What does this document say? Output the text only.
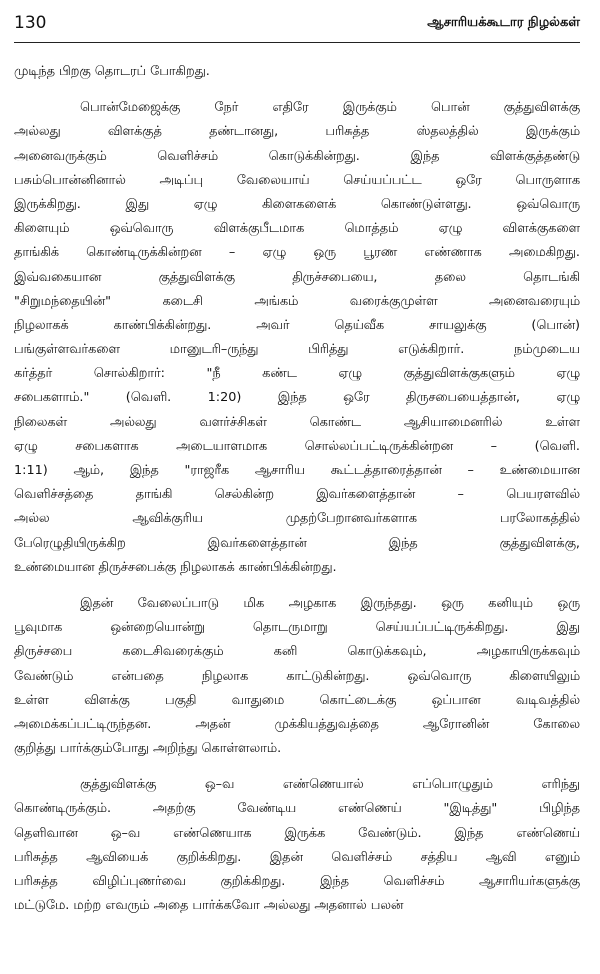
130	ஆசாரியக்கூடார நிழல்கள்
முடிந்த பிறகு தொடரப் போகிறது.
பொன்மேஜைக்கு நேர் எதிரே இருக்கும் பொன் குத்துவிளக்கு
அல்லது விளக்குத் தண்டானது, பரிசுத்த ஸ்தலத்தில் இருக்கும்
அனைவருக்கும் வெளிச்சம் கொடுக்கின்றது. இந்த விளக்குத்தண்டு
பசும்பொன்னினால் அடிப்பு வேலையாய் செய்யப்பட்ட ஒரே பொருளாக
இருக்கிறது. இது ஏழு கிளைகளைக் கொண்டுள்ளது. ஒவ்வொரு
கிளையும் ஒவ்வொரு விளக்குபீடமாக மொத்தம் ஏழு விளக்குகளை
தாங்கிக் கொண்டிருக்கின்றன – ஏழு ஒரு பூரண எண்ணாக அமைகிறது.
இவ்வகையான குத்துவிளக்கு திருச்சபையை, தலை தொடங்கி
"சிறுமந்தையின்" கடைசி அங்கம் வரைக்குமுள்ள அனைவரையும்
நிழலாகக் காண்பிக்கின்றது. அவர் தெய்வீக சாயலுக்கு (பொன்)
பங்குள்ளவர்களை மானுடரி–ருந்து பிரித்து எடுக்கிறார். நம்முடைய
கர்த்தர் சொல்கிறார்: "நீ கண்ட ஏழு குத்துவிளக்குகளும் ஏழு
சபைகளாம்." (வெளி. 1:20) இந்த ஒரே திருசபையைத்தான், ஏழு
நிலைகள் அல்லது வளர்ச்சிகள் கொண்ட ஆசியாமைனரில் உள்ள
ஏழு சபைகளாக அடையாளமாக சொல்லப்பட்டிருக்கின்றன – (வெளி.
1:11) ஆம், இந்த "ராஜரீக ஆசாரிய கூட்டத்தாரைத்தான் – உண்மையான
வெளிச்சத்தை தாங்கி செல்கின்ற இவர்களைத்தான் – பெயரளவில்
அல்ல ஆவிக்குரிய முதற்பேறானவர்களாக பரலோகத்தில்
பேரெழுதியிருக்கிற இவர்களைத்தான் இந்த குத்துவிளக்கு,
உண்மையான திருச்சபைக்கு நிழலாகக் காண்பிக்கின்றது.
இதன் வேலைப்பாடு மிக அழகாக இருந்தது. ஒரு கனியும் ஒரு
பூவுமாக ஒன்றையொன்று தொடருமாறு செய்யப்பட்டிருக்கிறது. இது
திருச்சபை கடைசிவரைக்கும் கனி கொடுக்கவும், அழகாயிருக்கவும்
வேண்டும் என்பதை நிழலாக காட்டுகின்றது. ஒவ்வொரு கிளையிலும்
உள்ள விளக்கு பகுதி வாதுமை கொட்டைக்கு ஒப்பான வடிவத்தில்
அமைக்கப்பட்டிருந்தன. அதன் முக்கியத்துவத்தை ஆரோனின் கோலை
குறித்து பார்க்கும்போது அறிந்து கொள்ளலாம்.
குத்துவிளக்கு ஒ–வ எண்ணெயால் எப்பொழுதும் எரிந்து
கொண்டிருக்கும். அதற்கு வேண்டிய எண்ணெய் "இடித்து" பிழிந்த
தெளிவான ஒ–வ எண்ணெயாக இருக்க வேண்டும். இந்த எண்ணெய்
பரிசுத்த ஆவியைக் குறிக்கிறது. இதன் வெளிச்சம் சத்திய ஆவி எனும்
பரிசுத்த விழிப்புணர்வை குறிக்கிறது. இந்த வெளிச்சம் ஆசாரியர்களுக்கு
மட்டுமே. மற்ற எவரும் அதை பார்க்கவோ அல்லது அதனால் பலன்
